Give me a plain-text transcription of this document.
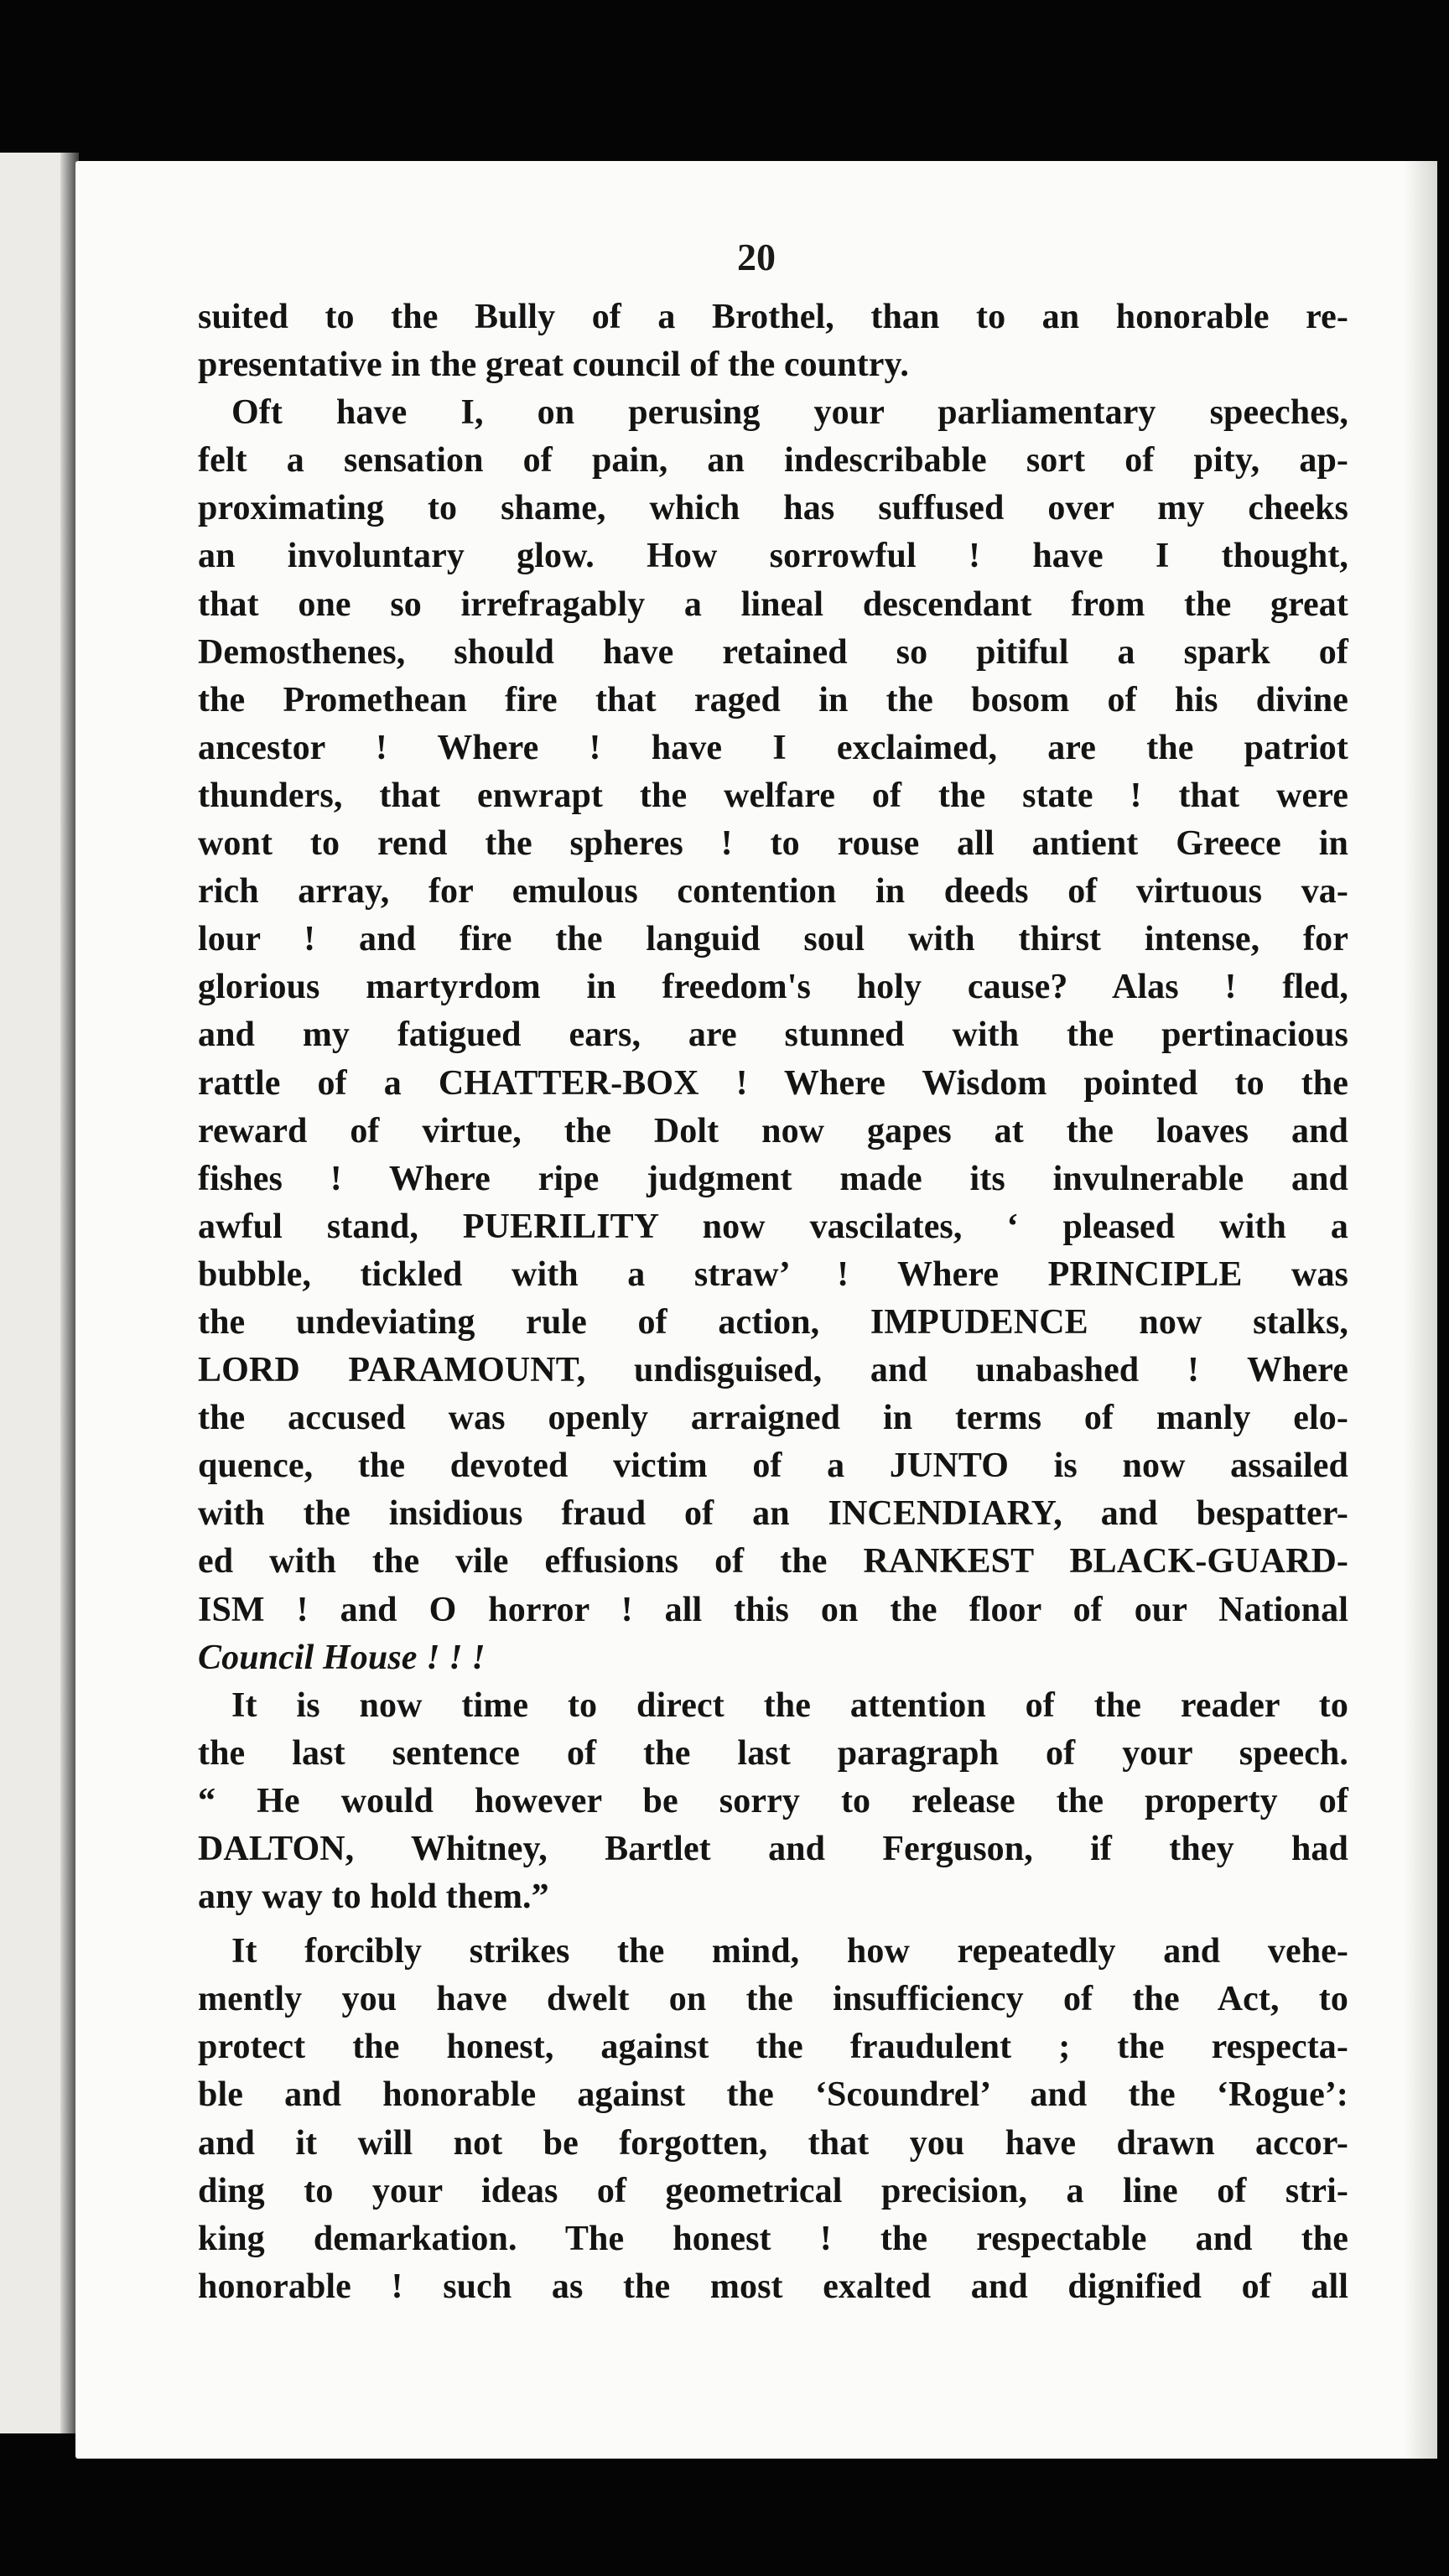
20
suited to the Bully of a Brothel, than to an honorable re-
presentative in the great council of the country.
Oft have I, on perusing your parliamentary speeches,
felt a sensation of pain, an indescribable sort of pity, ap-
proximating to shame, which has suffused over my cheeks
an involuntary glow. How sorrowful ! have I thought,
that one so irrefragably a lineal descendant from the great
Demosthenes, should have retained so pitiful a spark of
the Promethean fire that raged in the bosom of his divine
ancestor ! Where ! have I exclaimed, are the patriot
thunders, that enwrapt the welfare of the state ! that were
wont to rend the spheres ! to rouse all antient Greece in
rich array, for emulous contention in deeds of virtuous va-
lour ! and fire the languid soul with thirst intense, for
glorious martyrdom in freedom's holy cause? Alas ! fled,
and my fatigued ears, are stunned with the pertinacious
rattle of a CHATTER-BOX ! Where Wisdom pointed to the
reward of virtue, the Dolt now gapes at the loaves and
fishes ! Where ripe judgment made its invulnerable and
awful stand, PUERILITY now vascilates, ‘ pleased with a
bubble, tickled with a straw’ ! Where PRINCIPLE was
the undeviating rule of action, IMPUDENCE now stalks,
LORD PARAMOUNT, undisguised, and unabashed ! Where
the accused was openly arraigned in terms of manly elo-
quence, the devoted victim of a JUNTO is now assailed
with the insidious fraud of an INCENDIARY, and bespatter-
ed with the vile effusions of the RANKEST BLACK-GUARD-
ISM ! and O horror ! all this on the floor of our National
Council House ! ! !
It is now time to direct the attention of the reader to
the last sentence of the last paragraph of your speech.
“ He would however be sorry to release the property of
DALTON, Whitney, Bartlet and Ferguson, if they had
any way to hold them.”
It forcibly strikes the mind, how repeatedly and vehe-
mently you have dwelt on the insufficiency of the Act, to
protect the honest, against the fraudulent ; the respecta-
ble and honorable against the ‘Scoundrel’ and the ‘Rogue’:
and it will not be forgotten, that you have drawn accor-
ding to your ideas of geometrical precision, a line of stri-
king demarkation. The honest ! the respectable and the
honorable ! such as the most exalted and dignified of all
